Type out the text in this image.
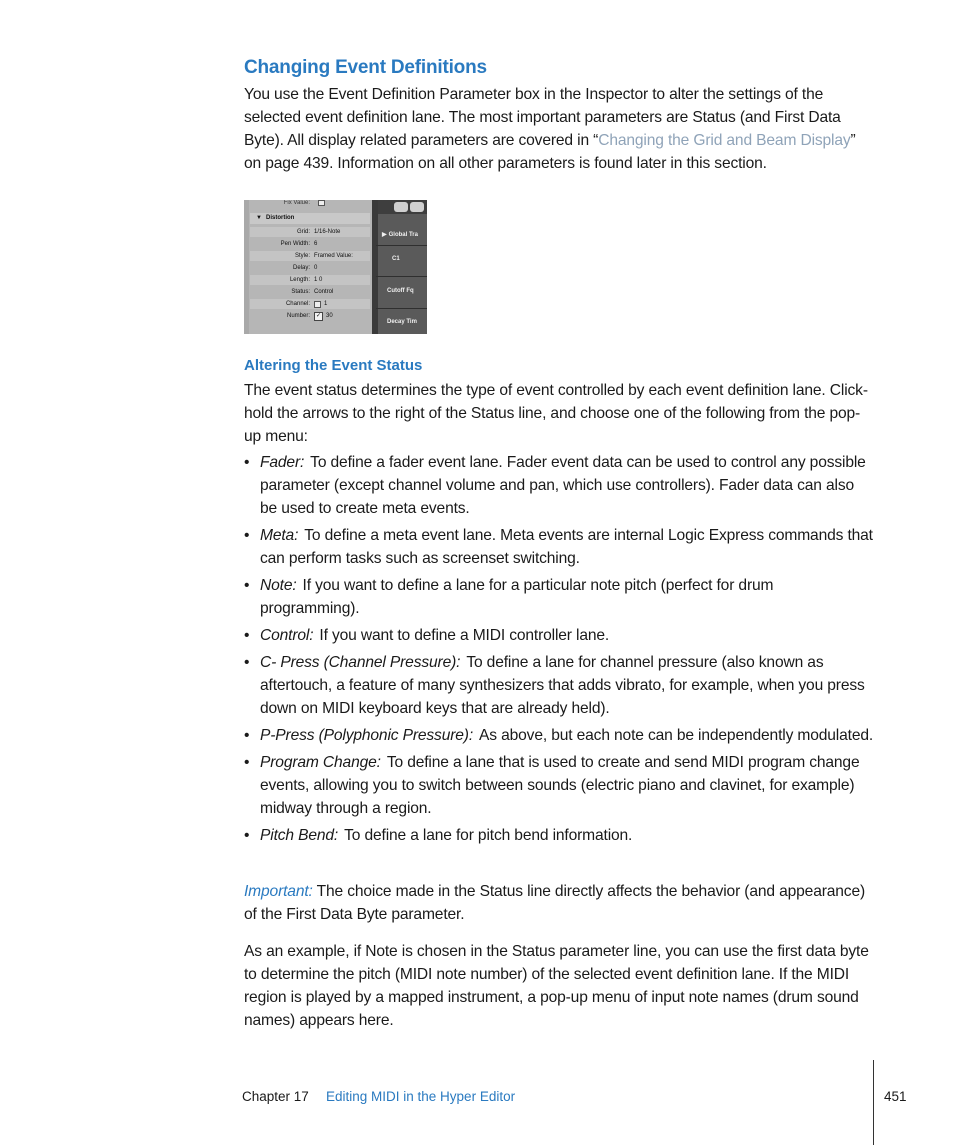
Changing Event Definitions

You use the Event Definition Parameter box in the Inspector to alter the settings of the selected event definition lane. The most important parameters are Status (and First Data Byte). All display related parameters are covered in “Changing the Grid and Beam Display” on page 439. Information on all other parameters is found later in this section.

Fix Value:
▼ Distortion
Grid: 1/16-Note
Pen Width: 6
Style: Framed Value:
Delay: 0
Length: 1 0
Status: Control
Channel: 1
Number: ✓ 30
▶ Global Tra
C1
Cutoff Fq
Decay Tim
Altering the Event Status

The event status determines the type of event controlled by each event definition lane. Click-hold the arrows to the right of the Status line, and choose one of the following from the pop-up menu:

• Fader: To define a fader event lane. Fader event data can be used to control any possible parameter (except channel volume and pan, which use controllers). Fader data can also be used to create meta events.
• Meta: To define a meta event lane. Meta events are internal Logic Express commands that can perform tasks such as screenset switching.
• Note: If you want to define a lane for a particular note pitch (perfect for drum programming).
• Control: If you want to define a MIDI controller lane.
• C- Press (Channel Pressure): To define a lane for channel pressure (also known as aftertouch, a feature of many synthesizers that adds vibrato, for example, when you press down on MIDI keyboard keys that are already held).
• P-Press (Polyphonic Pressure): As above, but each note can be independently modulated.
• Program Change: To define a lane that is used to create and send MIDI program change events, allowing you to switch between sounds (electric piano and clavinet, for example) midway through a region.
• Pitch Bend: To define a lane for pitch bend information.

Important: The choice made in the Status line directly affects the behavior (and appearance) of the First Data Byte parameter.

As an example, if Note is chosen in the Status parameter line, you can use the first data byte to determine the pitch (MIDI note number) of the selected event definition lane. If the MIDI region is played by a mapped instrument, a pop-up menu of input note names (drum sound names) appears here.

Chapter 17 Editing MIDI in the Hyper Editor	451
